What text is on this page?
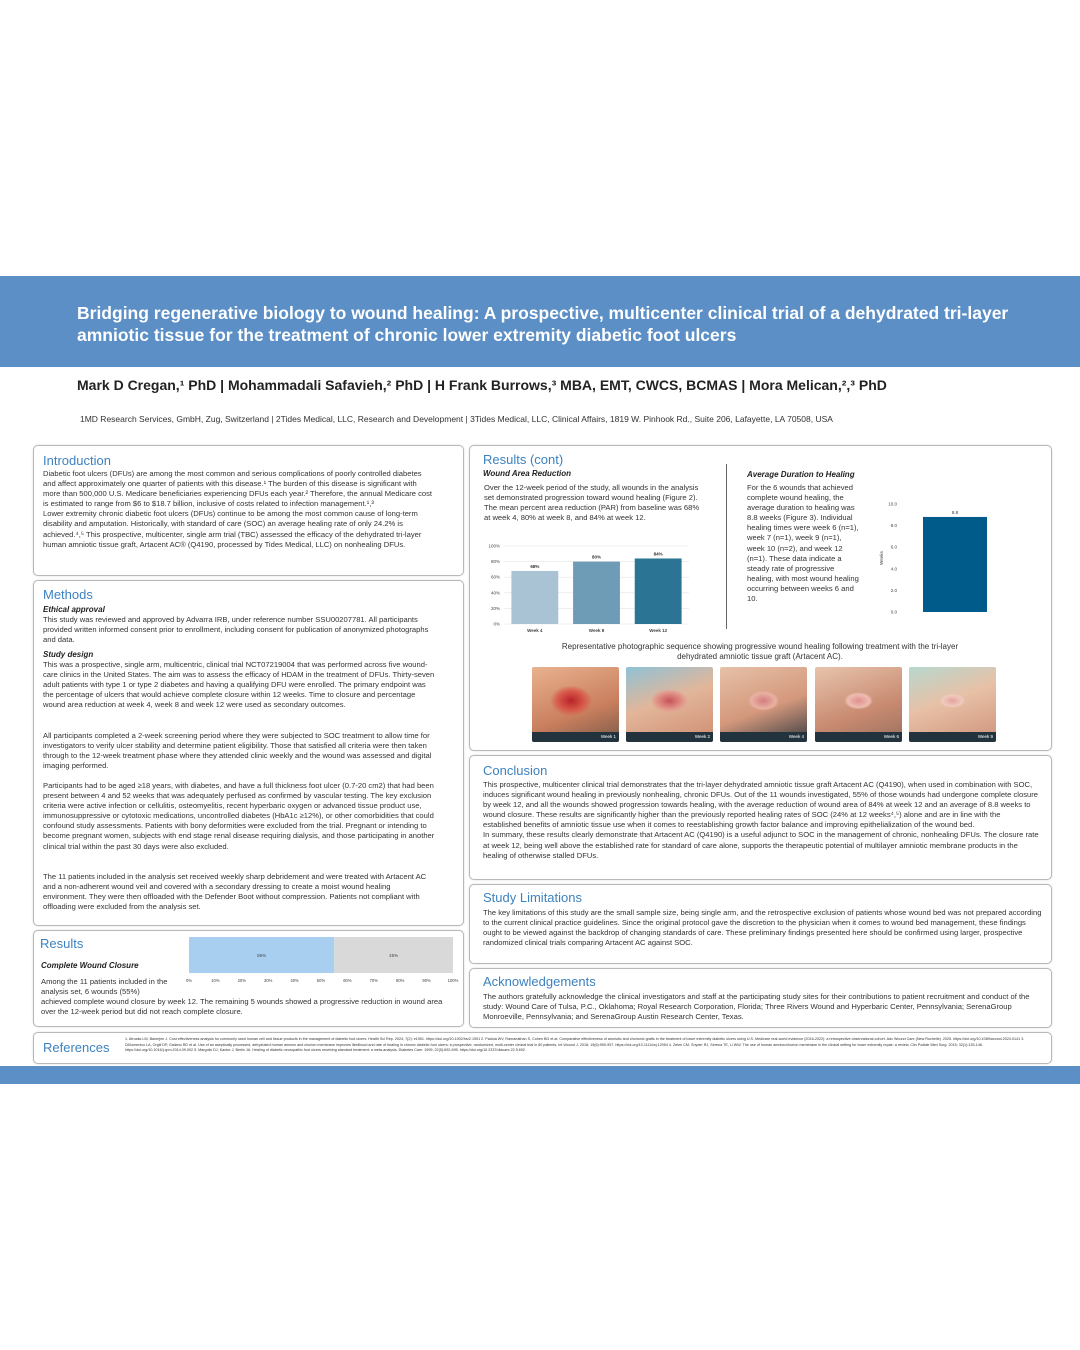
Bridging regenerative biology to wound healing: A prospective, multicenter clinical trial of a dehydrated tri-layer amniotic tissue for the treatment of chronic lower extremity diabetic foot ulcers
Mark D Cregan,¹ PhD | Mohammadali Safavieh,² PhD | H Frank Burrows,³ MBA, EMT, CWCS, BCMAS | Mora Melican,²,³ PhD
1MD Research Services, GmbH, Zug, Switzerland | 2Tides Medical, LLC, Research and Development | 3Tides Medical, LLC, Clinical Affairs, 1819 W. Pinhook Rd., Suite 206, Lafayette, LA 70508, USA
Introduction
Diabetic foot ulcers (DFUs) are among the most common and serious complications of poorly controlled diabetes and affect approximately one quarter of patients with this disease.¹ The burden of this disease is significant with more than 500,000 U.S. Medicare beneficiaries experiencing DFUs each year.² Therefore, the annual Medicare cost is estimated to range from $6 to $18.7 billion, inclusive of costs related to infection management.¹,³
Lower extremity chronic diabetic foot ulcers (DFUs) continue to be among the most common cause of long-term disability and amputation. Historically, with standard of care (SOC) an average healing rate of only 24.2% is achieved.⁴,⁵ This prospective, multicenter, single arm trial (TBC) assessed the efficacy of the dehydrated tri-layer human amniotic tissue graft, Artacent AC® (Q4190, processed by Tides Medical, LLC) on nonhealing DFUs.
Methods
Ethical approval
This study was reviewed and approved by Advarra IRB, under reference number SSU00207781. All participants provided written informed consent prior to enrollment, including consent for publication of anonymized photographs and data.
Study design
This was a prospective, single arm, multicentric, clinical trial NCT07219004 that was performed across five wound-care clinics in the United States. The aim was to assess the efficacy of HDAM in the treatment of DFUs. Thirty-seven adult patients with type 1 or type 2 diabetes and having a qualifying DFU were enrolled. The primary endpoint was the percentage of ulcers that would achieve complete closure within 12 weeks. Time to closure and percentage wound area reduction at week 4, week 8 and week 12 were used as secondary outcomes.
All participants completed a 2-week screening period where they were subjected to SOC treatment to allow time for investigators to verify ulcer stability and determine patient eligibility. Those that satisfied all criteria were then taken through to the 12-week treatment phase where they attended clinic weekly and the wound was assessed and digital imaging performed.
Participants had to be aged ≥18 years, with diabetes, and have a full thickness foot ulcer (0.7-20 cm2) that had been present between 4 and 52 weeks that was adequately perfused as confirmed by vascular testing. The key exclusion criteria were active infection or cellulitis, osteomyelitis, recent hyperbaric oxygen or advanced tissue product use, immunosuppressive or cytotoxic medications, uncontrolled diabetes (HbA1c ≥12%), or other comorbidities that could confound study assessments. Patients with bony deformities were excluded from the trial. Pregnant or intending to become pregnant women, subjects with end stage renal disease requiring dialysis, and those participating in another clinical trial within the past 30 days were also excluded.
The 11 patients included in the analysis set received weekly sharp debridement and were treated with Artacent AC and a non-adherent wound veil and covered with a secondary dressing to create a moist wound healing environment. They were then offloaded with the Defender Boot without compression. Patients not compliant with offloading were excluded from the analysis set.
Results
Complete Wound Closure
Among the 11 patients included in the analysis set, 6 wounds (55%)
achieved complete wound closure by week 12. The remaining 5 wounds showed a progressive reduction in wound area over the 12-week period but did not reach complete closure.
55%	45%
0%	10%	20%	30%	40%	50%	60%	70%	80%	90%	100%
Results (cont)
Wound Area Reduction
Over the 12-week period of the study, all wounds in the analysis set demonstrated progression toward wound healing (Figure 2). The mean percent area reduction (PAR) from baseline was 68% at week 4, 80% at week 8, and 84% at week 12.
0%
20%
40%
60%
80%
100%
68%
Week 4
80%
Week 8
84%
Week 12
Average Duration to Healing
For the 6 wounds that achieved complete wound healing, the average duration to healing was 8.8 weeks (Figure 3). Individual healing times were week 6 (n=1), week 7 (n=1), week 9 (n=1), week 10 (n=2), and week 12 (n=1). These data indicate a steady rate of progressive healing, with most wound healing occurring between weeks 6 and 10.
0.0
2.0
4.0
6.0
8.0
10.0
Weeks
8.8
Representative photographic sequence showing progressive wound healing following treatment with the tri-layer dehydrated amniotic tissue graft (Artacent AC).
Week 1	Week 2	Week 4	Week 6	Week 9
Conclusion
This prospective, multicenter clinical trial demonstrates that the tri-layer dehydrated amniotic tissue graft Artacent AC (Q4190), when used in combination with SOC, induces significant wound healing in previously nonhealing, chronic DFUs. Out of the 11 wounds investigated, 55% of those wounds had undergone complete closure by week 12, and all the wounds showed progression towards healing, with the average reduction of wound area of 84% at week 12 and an average of 8.8 weeks to wound closure. These results are significantly higher than the previously reported healing rates of SOC (24% at 12 weeks⁴,⁵) alone and are in line with the established benefits of amniotic tissue use when it comes to reestablishing growth factor balance and improving epithelialization of the wound bed.
In summary, these results clearly demonstrate that Artacent AC (Q4190) is a useful adjunct to SOC in the management of chronic, nonhealing DFUs. The closure rate at week 12, being well above the established rate for standard of care alone, supports the therapeutic potential of multilayer amniotic membrane products in the healing of otherwise stalled DFUs.
Study Limitations
The key limitations of this study are the small sample size, being single arm, and the retrospective exclusion of patients whose wound bed was not prepared according to the current clinical practice guidelines. Since the original protocol gave the discretion to the physician when it comes to wound bed management, these findings ought to be viewed against the backdrop of changing standards of care. These preliminary findings presented here should be confirmed using larger, prospective randomized clinical trials comparing Artacent AC against SOC.
Acknowledgements
The authors gratefully acknowledge the clinical investigators and staff at the participating study sites for their contributions to patient recruitment and conduct of the study: Wound Care of Tulsa, P.C., Oklahoma; Royal Research Corporation, Florida; Three Rivers Wound and Hyperbaric Center, Pennsylvania; SerenaGroup Monroeville, Pennsylvania; and SerenaGroup Austin Research Center, Texas.
References
1. Afroaks LM, Banerjee J. Cost effectiveness analysis for commonly used human cell and tissue products in the management of diabetic foot ulcers. Health Sci Rep. 2024; 7(2): e1901. https://doi.org/10.1002/hsr2.1901 2. Padula WV, Ramanathan S, Cohen BG et al. Comparative effectiveness of amniotic and chorionic grafts in the treatment of lower extremity diabetic ulcers using U.S. Medicare real-world evidence (2016-2022): a retrospective observational cohort. Adv Wound Care (New Rochelle). 2025. https://doi.org/10.1089/wound.2024.0141 3. DiDomenico LA, Orgill DP, Galiano RD et al. Use of an aseptically processed, dehydrated human amnion and chorion membrane improves likelihood and rate of healing in chronic diabetic foot ulcers: a prospective, randomized, multi-center clinical trial in 80 patients. Int Wound J. 2018; 15(6):950-957. https://doi.org/10.1111/iwj.12954 4. Zelen CM, Snyder RJ, Serena TE, Li WW. The use of human amnion/chorion membrane in the clinical setting for lower extremity repair: a review. Clin Podiatr Med Surg. 2015; 32(1):135-146. https://doi.org/10.1016/j.cpm.2014.09.002 5. Margolis DJ, Kantor J, Berlin JA. Healing of diabetic neuropathic foot ulcers receiving standard treatment: a meta-analysis. Diabetes Care. 1999; 22(5):692-695. https://doi.org/10.2337/diacare.22.5.692
